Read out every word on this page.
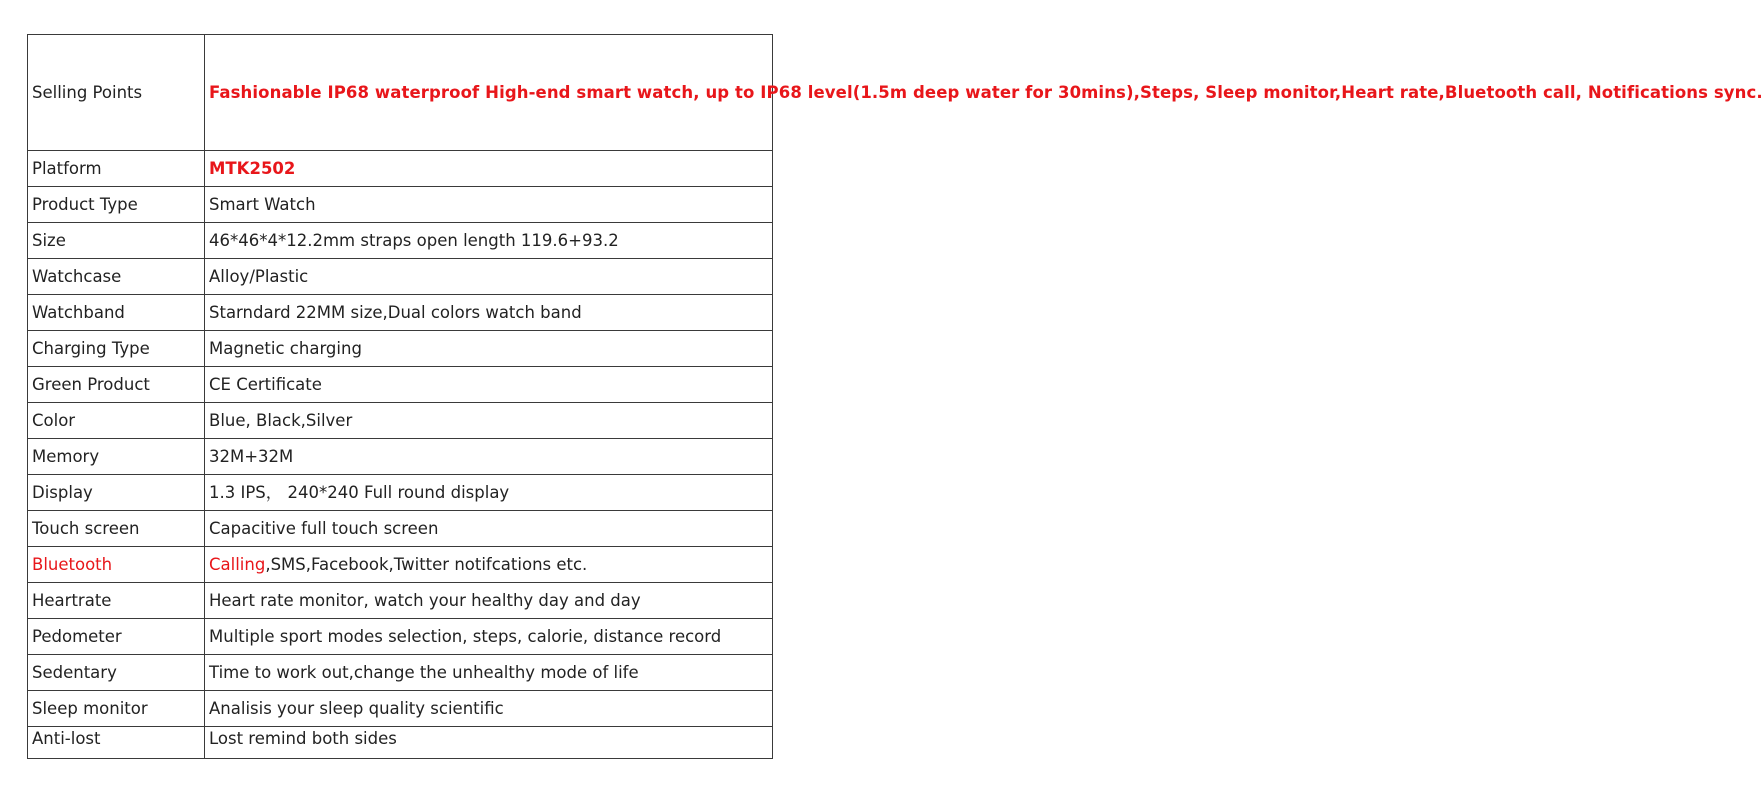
Selling Points	Fashionable IP68 waterproof High-end smart watch, up to IP68 level(1.5m deep water for 30mins),Steps, Sleep monitor,Heart rate,Bluetooth call, Notifications sync.
Platform	MTK2502
Product Type	Smart Watch
Size	46*46*4*12.2mm straps open length 119.6+93.2
Watchcase	Alloy/Plastic
Watchband	Starndard 22MM size,Dual colors watch band
Charging Type	Magnetic charging
Green Product	CE Certificate
Color	Blue, Black,Silver
Memory	32M+32M
Display	1.3 IPS， 240*240 Full round display
Touch screen	Capacitive full touch screen
Bluetooth	Calling,SMS,Facebook,Twitter notifcations etc.
Heartrate	Heart rate monitor, watch your healthy day and day
Pedometer	Multiple sport modes selection, steps, calorie, distance record
Sedentary	Time to work out,change the unhealthy mode of life
Sleep monitor	Analisis your sleep quality scientific
Anti-lost	Lost remind both sides
